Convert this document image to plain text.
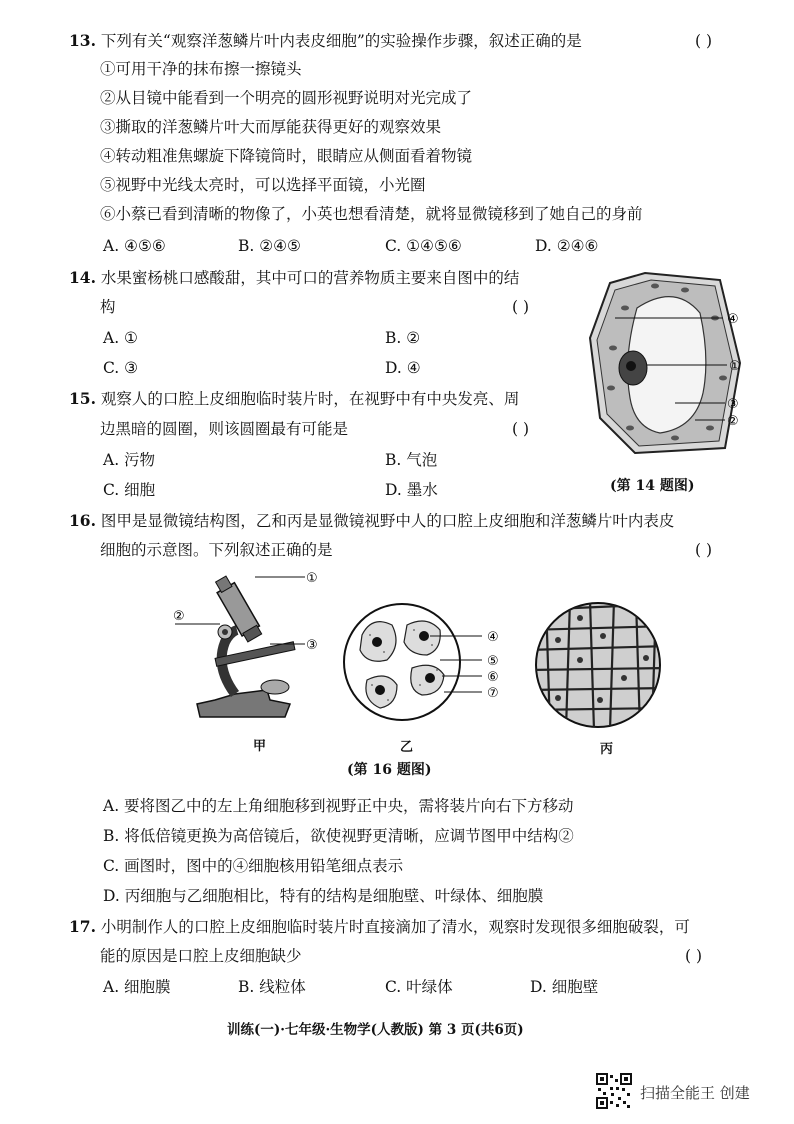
13. 下列有关“观察洋葱鳞片叶内表皮细胞”的实验操作步骤，叙述正确的是	( )
①可用干净的抹布擦一擦镜头
②从目镜中能看到一个明亮的圆形视野说明对光完成了
③撕取的洋葱鳞片叶大而厚能获得更好的观察效果
④转动粗准焦螺旋下降镜筒时，眼睛应从侧面看着物镜
⑤视野中光线太亮时，可以选择平面镜，小光圈
⑥小蔡已看到清晰的物像了，小英也想看清楚，就将显微镜移到了她自己的身前
A. ④⑤⑥	B. ②④⑤	C. ①④⑤⑥	D. ②④⑥
14. 水果蜜杨桃口感酸甜，其中可口的营养物质主要来自图中的结
构	( )
A. ①	B. ②
C. ③	D. ④
④
①
③
②
(第 14 题图)
15. 观察人的口腔上皮细胞临时装片时，在视野中有中央发亮、周
边黑暗的圆圈，则该圆圈最有可能是	( )
A. 污物	B. 气泡
C. 细胞	D. 墨水
16. 图甲是显微镜结构图，乙和丙是显微镜视野中人的口腔上皮细胞和洋葱鳞片叶内表皮
细胞的示意图。下列叙述正确的是	( )
①
②
③
④
⑤
⑥
⑦
甲	乙	丙
(第 16 题图)
A. 要将图乙中的左上角细胞移到视野正中央，需将装片向右下方移动
B. 将低倍镜更换为高倍镜后，欲使视野更清晰，应调节图甲中结构②
C. 画图时，图中的④细胞核用铅笔细点表示
D. 丙细胞与乙细胞相比，特有的结构是细胞壁、叶绿体、细胞膜
17. 小明制作人的口腔上皮细胞临时装片时直接滴加了清水，观察时发现很多细胞破裂，可
能的原因是口腔上皮细胞缺少	( )
A. 细胞膜	B. 线粒体	C. 叶绿体	D. 细胞壁
训练(一)·七年级·生物学(人教版) 第 3 页(共6页)
扫描全能王 创建
